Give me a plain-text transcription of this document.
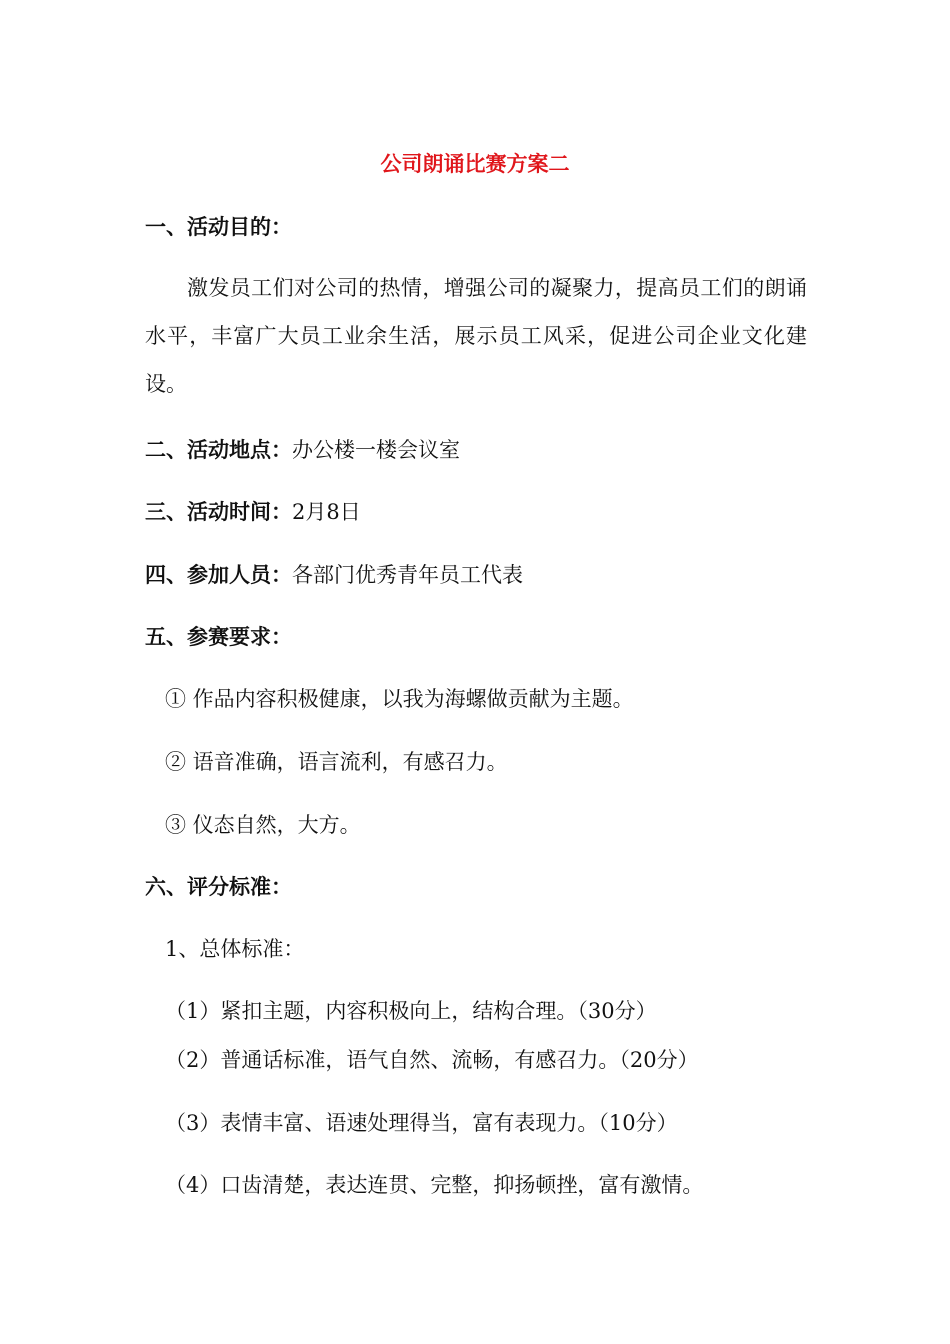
公司朗诵比赛方案二
一、活动目的：
激发员工们对公司的热情，增强公司的凝聚力，提高员工们的朗诵水平，丰富广大员工业余生活，展示员工风采，促进公司企业文化建设。
二、活动地点：办公楼一楼会议室
三、活动时间：2月8日
四、参加人员：各部门优秀青年员工代表
五、参赛要求：
① 作品内容积极健康，以我为海螺做贡献为主题。
② 语音准确，语言流利，有感召力。
③ 仪态自然，大方。
六、评分标准：
1、总体标准：
（1）紧扣主题，内容积极向上，结构合理。（30分）
（2）普通话标准，语气自然、流畅，有感召力。（20分）
（3）表情丰富、语速处理得当，富有表现力。（10分）
（4）口齿清楚，表达连贯、完整，抑扬顿挫，富有激情。
